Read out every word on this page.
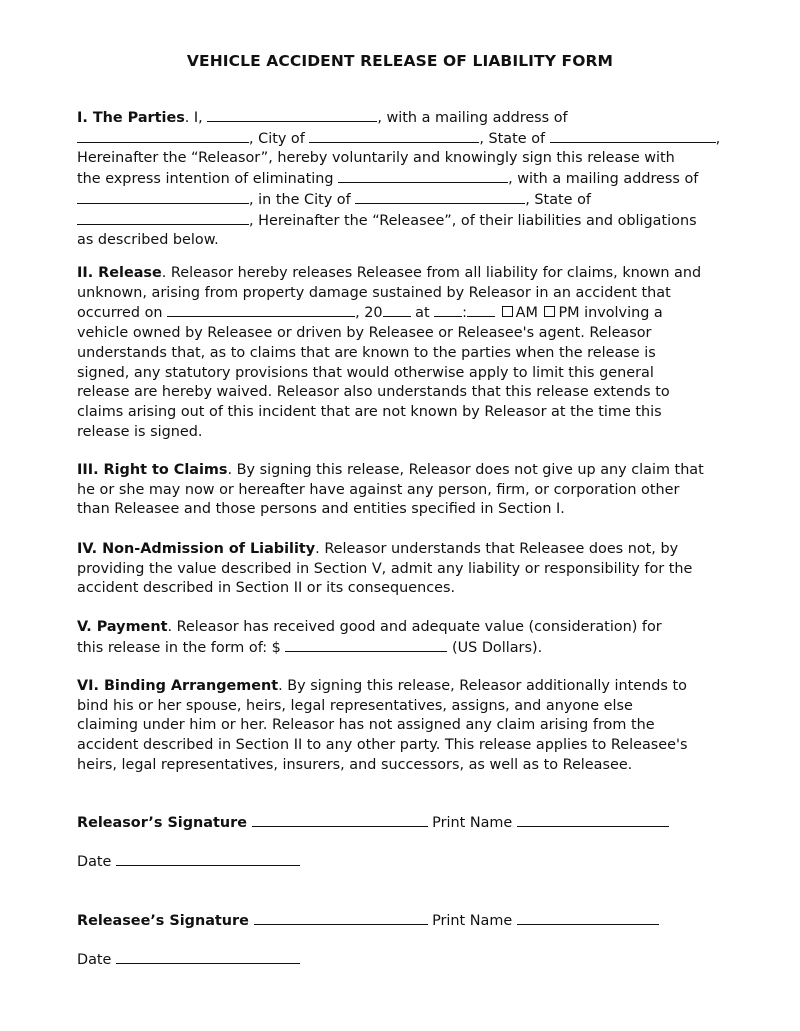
VEHICLE ACCIDENT RELEASE OF LIABILITY FORM
I. The Parties. I,	, with a mailing address of
, City of	, State of	,
Hereinafter the “Releasor”, hereby voluntarily and knowingly sign this release with
the express intention of eliminating	, with a mailing address of
, in the City of	, State of
, Hereinafter the “Releasee”, of their liabilities and obligations
as described below.
II. Release. Releasor hereby releases Releasee from all liability for claims, known and
unknown, arising from property damage sustained by Releasor in an accident that
occurred on	, 20 at :	AM PM involving a
vehicle owned by Releasee or driven by Releasee or Releasee's agent. Releasor
understands that, as to claims that are known to the parties when the release is
signed, any statutory provisions that would otherwise apply to limit this general
release are hereby waived. Releasor also understands that this release extends to
claims arising out of this incident that are not known by Releasor at the time this
release is signed.
III. Right to Claims. By signing this release, Releasor does not give up any claim that
he or she may now or hereafter have against any person, firm, or corporation other
than Releasee and those persons and entities specified in Section I.
IV. Non-Admission of Liability. Releasor understands that Releasee does not, by
providing the value described in Section V, admit any liability or responsibility for the
accident described in Section II or its consequences.
V. Payment. Releasor has received good and adequate value (consideration) for
this release in the form of: $	(US Dollars).
VI. Binding Arrangement. By signing this release, Releasor additionally intends to
bind his or her spouse, heirs, legal representatives, assigns, and anyone else
claiming under him or her. Releasor has not assigned any claim arising from the
accident described in Section II to any other party. This release applies to Releasee's
heirs, legal representatives, insurers, and successors, as well as to Releasee.
Releasor’s Signature	Print Name
Date
Releasee’s Signature	Print Name
Date
